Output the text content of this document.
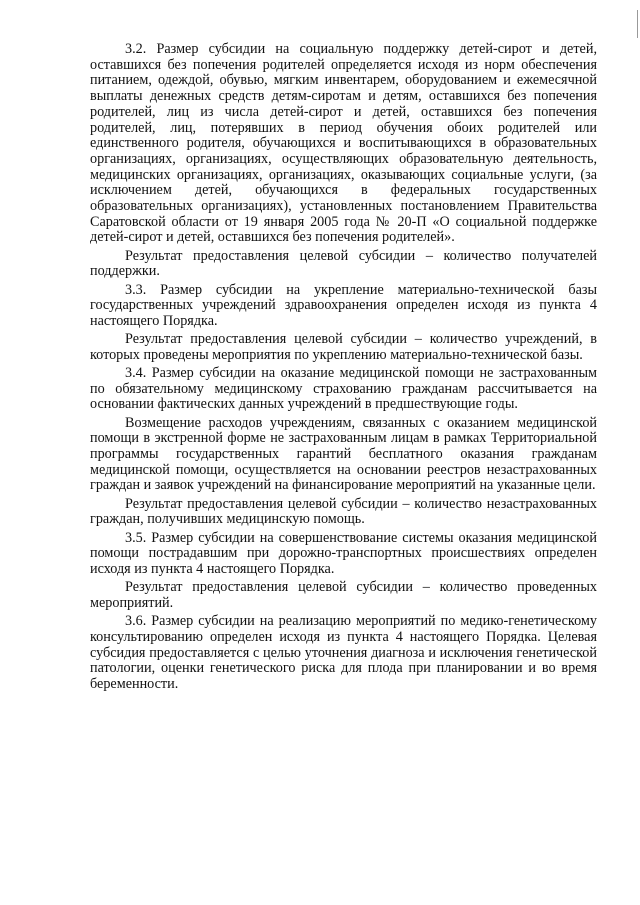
3.2. Размер субсидии на социальную поддержку детей-сирот и детей, оставшихся без попечения родителей определяется исходя из норм обеспечения питанием, одеждой, обувью, мягким инвентарем, оборудованием и ежемесячной выплаты денежных средств детям-сиротам и детям, оставшихся без попечения родителей, лиц из числа детей-сирот и детей, оставшихся без попечения родителей, лиц, потерявших в период обучения обоих родителей или единственного родителя, обучающихся и воспитывающихся в образовательных организациях, организациях, осуществляющих образовательную деятельность, медицинских организациях, организациях, оказывающих социальные услуги, (за исключением детей, обучающихся в федеральных государственных образовательных организациях), установленных постановлением Правительства Саратовской области от 19 января 2005 года № 20-П «О социальной поддержке детей-сирот и детей, оставшихся без попечения родителей».

Результат предоставления целевой субсидии – количество получателей поддержки.

3.3. Размер субсидии на укрепление материально-технической базы государственных учреждений здравоохранения определен исходя из пункта 4 настоящего Порядка.

Результат предоставления целевой субсидии – количество учреждений, в которых проведены мероприятия по укреплению материально-технической базы.

3.4. Размер субсидии на оказание медицинской помощи не застрахованным по обязательному медицинскому страхованию гражданам рассчитывается на основании фактических данных учреждений в предшествующие годы.

Возмещение расходов учреждениям, связанных с оказанием медицинской помощи в экстренной форме не застрахованным лицам в рамках Территориальной программы государственных гарантий бесплатного оказания гражданам медицинской помощи, осуществляется на основании реестров незастрахованных граждан и заявок учреждений на финансирование мероприятий на указанные цели.

Результат предоставления целевой субсидии – количество незастрахованных граждан, получивших медицинскую помощь.

3.5. Размер субсидии на совершенствование системы оказания медицинской помощи пострадавшим при дорожно-транспортных происшествиях определен исходя из пункта 4 настоящего Порядка.

Результат предоставления целевой субсидии – количество проведенных мероприятий.

3.6. Размер субсидии на реализацию мероприятий по медико-генетическому консультированию определен исходя из пункта 4 настоящего Порядка. Целевая субсидия предоставляется с целью уточнения диагноза и исключения генетической патологии, оценки генетического риска для плода при планировании и во время беременности.
